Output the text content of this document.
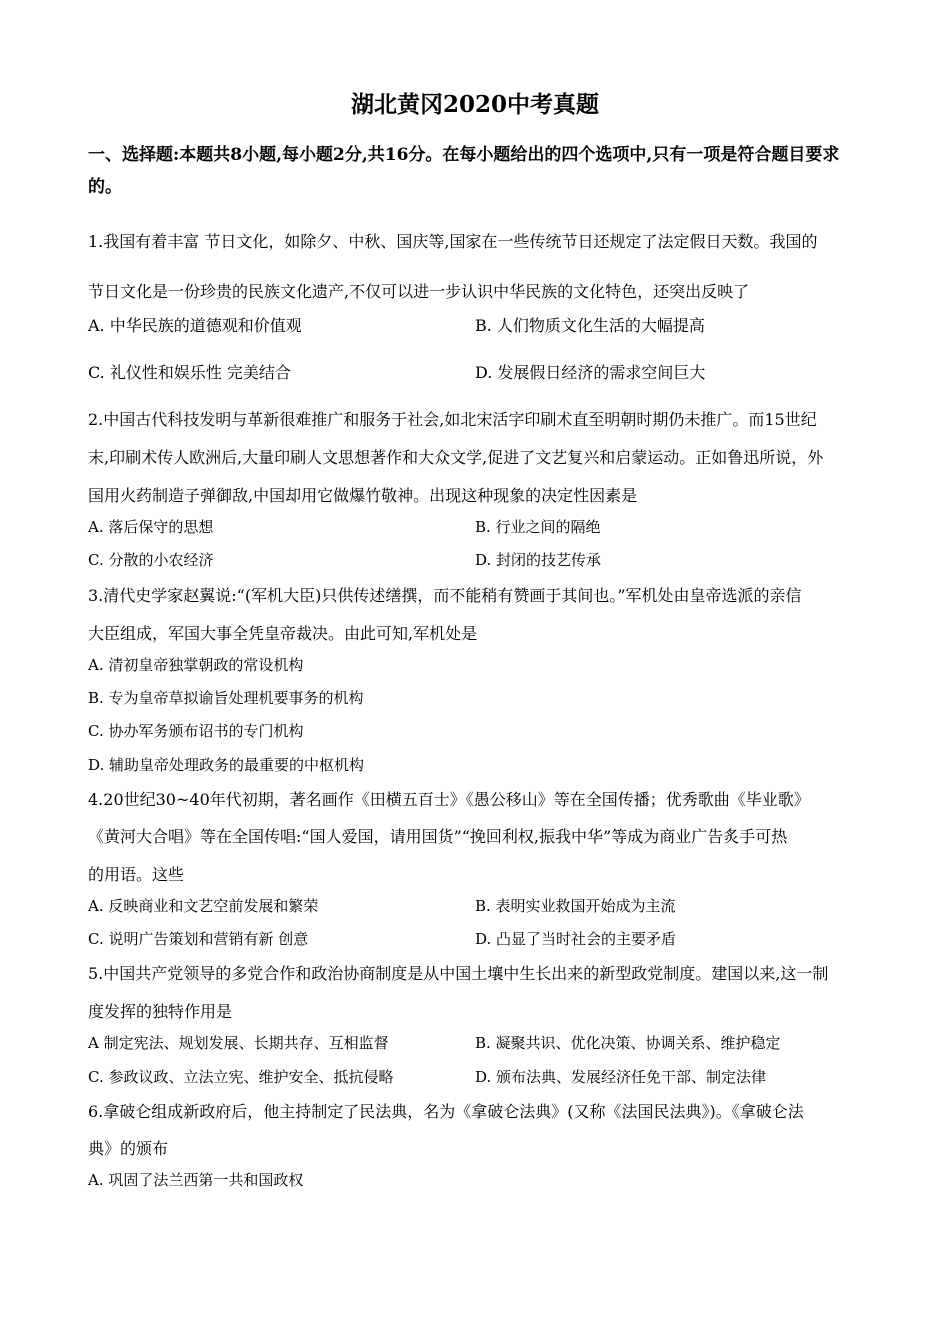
湖北黄冈2020中考真题
一、选择题:本题共8小题,每小题2分,共16分。在每小题给出的四个选项中,只有一项是符合题目要求的。
1.我国有着丰富 节日文化，如除夕、中秋、国庆等,国家在一些传统节日还规定了法定假日天数。我国的
节日文化是一份珍贵的民族文化遗产,不仅可以进一步认识中华民族的文化特色，还突出反映了
A. 中华民族的道德观和价值观	B. 人们物质文化生活的大幅提高
C. 礼仪性和娱乐性 完美结合	D. 发展假日经济的需求空间巨大
2.中国古代科技发明与革新很难推广和服务于社会,如北宋活字印刷术直至明朝时期仍未推广。而15世纪
末,印刷术传人欧洲后,大量印刷人文思想著作和大众文学,促进了文艺复兴和启蒙运动。正如鲁迅所说，外
国用火药制造子弹御敌,中国却用它做爆竹敬神。出现这种现象的决定性因素是
A. 落后保守的思想	B. 行业之间的隔绝
C. 分散的小农经济	D. 封闭的技艺传承
3.清代史学家赵翼说:“(军机大臣)只供传述缮撰，而不能稍有赞画于其间也。”军机处由皇帝选派的亲信
大臣组成，军国大事全凭皇帝裁决。由此可知,军机处是
A. 清初皇帝独掌朝政的常设机构
B. 专为皇帝草拟谕旨处理机要事务的机构
C. 协办军务颁布诏书的专门机构
D. 辅助皇帝处理政务的最重要的中枢机构
4.20世纪30~40年代初期，著名画作《田横五百士》《愚公移山》等在全国传播；优秀歌曲《毕业歌》
《黄河大合唱》等在全国传唱:“国人爱国，请用国货”“挽回利权,振我中华”等成为商业广告炙手可热
的用语。这些
A. 反映商业和文艺空前发展和繁荣	B. 表明实业救国开始成为主流
C. 说明广告策划和营销有新 创意	D. 凸显了当时社会的主要矛盾
5.中国共产党领导的多党合作和政治协商制度是从中国土壤中生长出来的新型政党制度。建国以来,这一制
度发挥的独特作用是
A 制定宪法、规划发展、长期共存、互相监督	B. 凝聚共识、优化决策、协调关系、维护稳定
C. 参政议政、立法立宪、维护安全、抵抗侵略	D. 颁布法典、发展经济任免干部、制定法律
6.拿破仑组成新政府后，他主持制定了民法典，名为《拿破仑法典》(又称《法国民法典》)。《拿破仑法
典》的颁布
A. 巩固了法兰西第一共和国政权
